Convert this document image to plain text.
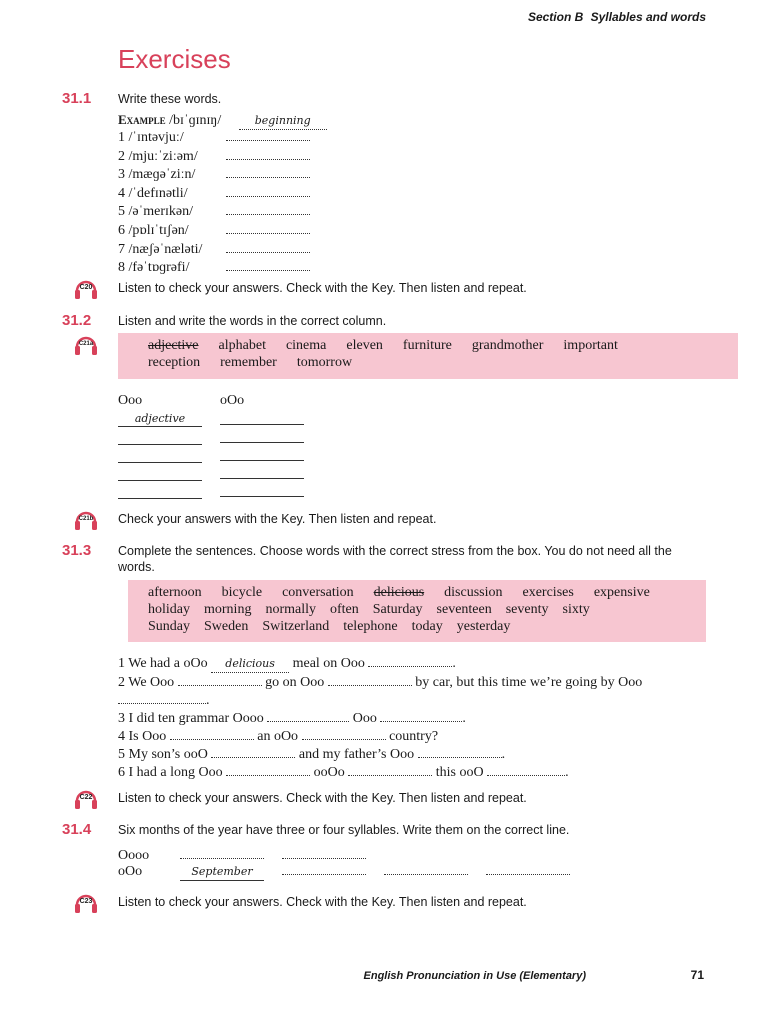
Section B Syllables and words
Exercises
31.1 Write these words.
Example /bɪˈɡɪnɪŋ/	beginning
1 /ˈɪntəvjuː/
2 /mjuːˈziːəm/
3 /mæɡəˈziːn/
4 /ˈdefɪnətli/
5 /əˈmerɪkən/
6 /pɒlɪˈtɪʃən/
7 /næʃəˈnæləti/
8 /fəˈtɒɡrəfi/
C20 Listen to check your answers. Check with the Key. Then listen and repeat.
31.2 Listen and write the words in the correct column.
C21a	adjective alphabet cinema eleven furniture grandmother important
reception remember tomorrow
Ooo
adjective
oOo
C21b Check your answers with the Key. Then listen and repeat.
31.3 Complete the sentences. Choose words with the correct stress from the box. You do not need all the words.
afternoon bicycle conversation delicious discussion exercises expensive
holiday morning normally often Saturday seventeen seventy sixty
Sunday Sweden Switzerland telephone today yesterday
1 We had a oOo delicious meal on Ooo	.
2 We Ooo	go on Ooo	by car, but this time we’re going by Ooo
.
3 I did ten grammar Oooo	Ooo	.
4 Is Ooo	an oOo	country?
5 My son’s ooO	and my father’s Ooo	.
6 I had a long Ooo	ooOo	this ooO	.
C22 Listen to check your answers. Check with the Key. Then listen and repeat.
31.4 Six months of the year have three or four syllables. Write them on the correct line.
Oooo
oOo	September
C23 Listen to check your answers. Check with the Key. Then listen and repeat.
English Pronunciation in Use (Elementary)	71
